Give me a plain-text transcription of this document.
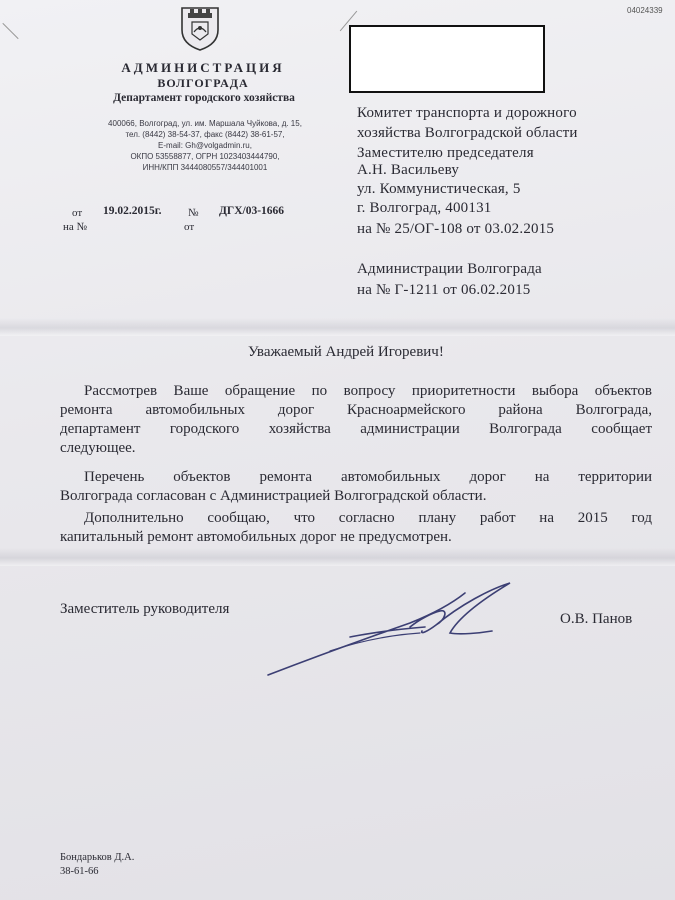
04024339
АДМИНИСТРАЦИЯ
ВОЛГОГРАДА
Департамент городского хозяйства
400066, Волгоград, ул. им. Маршала Чуйкова, д. 15,
тел. (8442) 38-54-37, факс (8442) 38-61-57,
E-mail: Gh@volgadmin.ru,
ОКПО 53558877, ОГРН 1023403444790,
ИНН/КПП 3444080557/344401001
от 19.02.2015г. № ДГХ/03-1666
на №	от
Комитет транспорта и дорожного
хозяйства Волгоградской области
Заместителю председателя
А.Н. Васильеву
ул. Коммунистическая, 5
г. Волгоград, 400131
на № 25/ОГ-108 от 03.02.2015
Администрации Волгограда
на № Г-1211 от 06.02.2015
Уважаемый Андрей Игоревич!
Рассмотрев Ваше обращение по вопросу приоритетности выбора объектов
ремонта автомобильных дорог Красноармейского района Волгограда,
департамент городского хозяйства администрации Волгограда сообщает
следующее.
Перечень объектов ремонта автомобильных дорог на территории
Волгограда согласован с Администрацией Волгоградской области.
Дополнительно сообщаю, что согласно плану работ на 2015 год
капитальный ремонт автомобильных дорог не предусмотрен.
Заместитель руководителя
О.В. Панов
Бондарьков Д.А.
38-61-66
